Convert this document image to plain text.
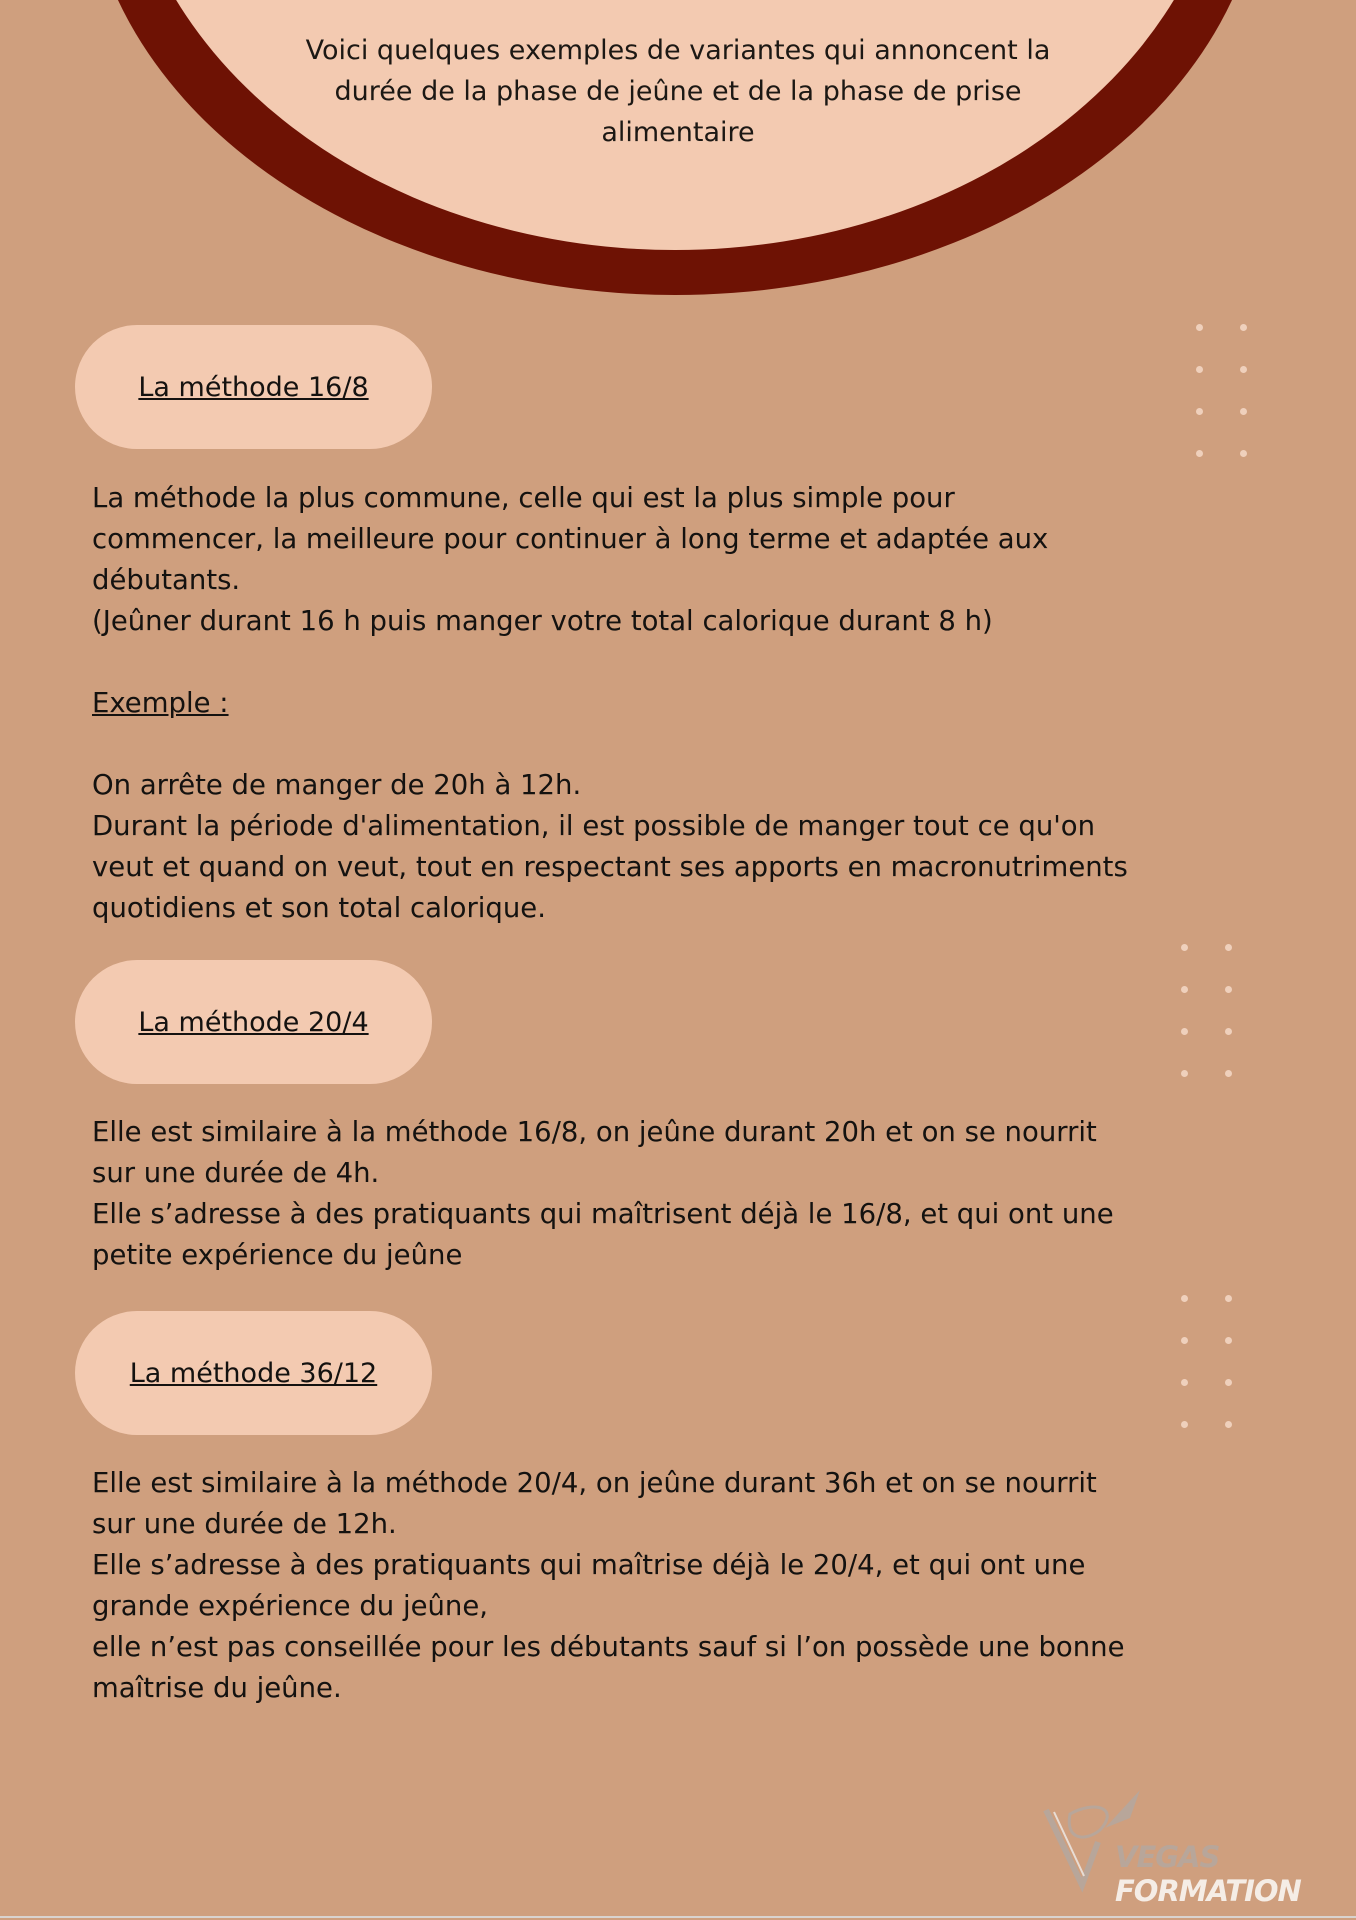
Voici quelques exemples de variantes qui annoncent la durée de la phase de jeûne et de la phase de prise alimentaire

La méthode 16/8

La méthode la plus commune, celle qui est la plus simple pour commencer, la meilleure pour continuer à long terme et adaptée aux débutants.

(Jeûner durant 16 h puis manger votre total calorique durant 8 h)

Exemple :

On arrête de manger de 20h à 12h.

Durant la période d'alimentation, il est possible de manger tout ce qu'on veut et quand on veut, tout en respectant ses apports en macronutriments quotidiens et son total calorique.

La méthode 20/4

Elle est similaire à la méthode 16/8, on jeûne durant 20h et on se nourrit sur une durée de 4h.

Elle s’adresse à des pratiquants qui maîtrisent déjà le 16/8, et qui ont une petite expérience du jeûne

La méthode 36/12

Elle est similaire à la méthode 20/4, on jeûne durant 36h et on se nourrit sur une durée de 12h.

Elle s’adresse à des pratiquants qui maîtrise déjà le 20/4, et qui ont une grande expérience du jeûne,

elle n’est pas conseillée pour les débutants sauf si l’on possède une bonne maîtrise du jeûne.

VEGAS FORMATION
